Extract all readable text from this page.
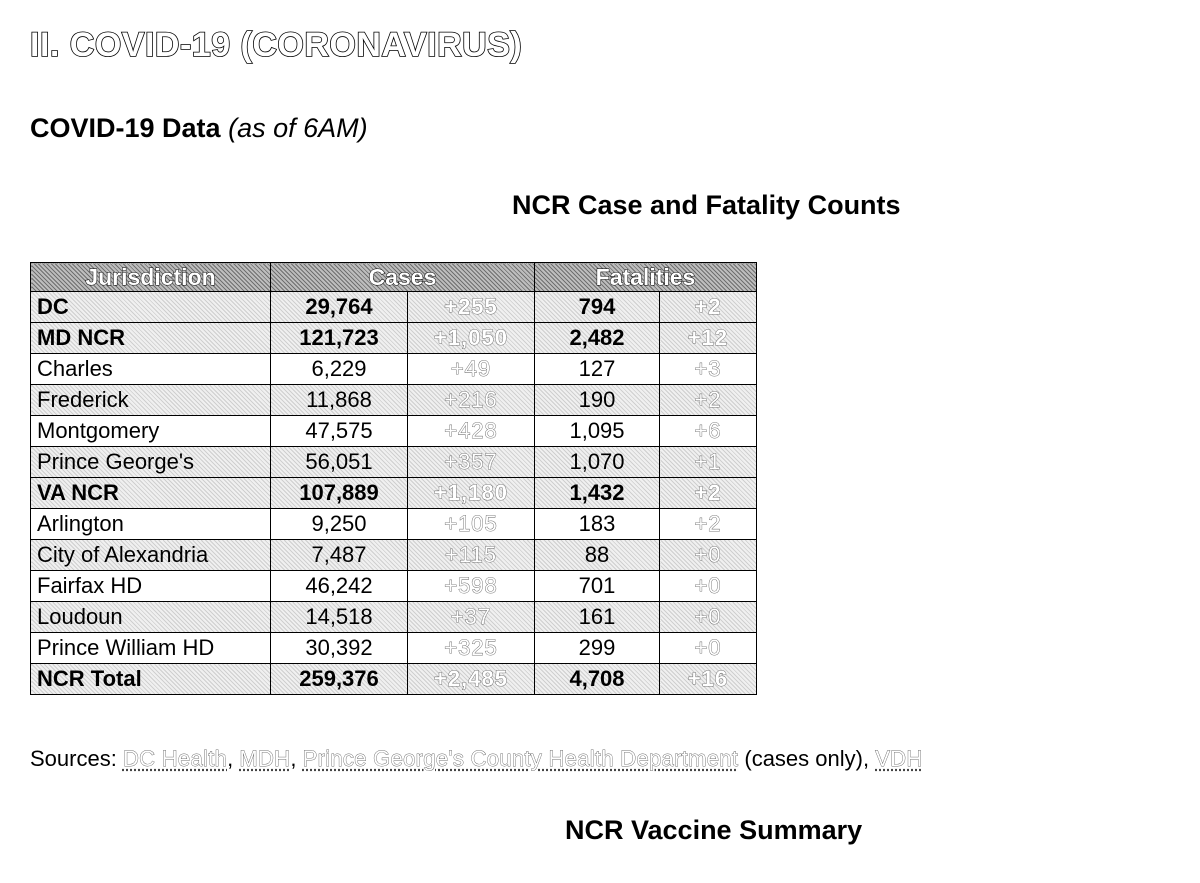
II. COVID-19 (CORONAVIRUS)
COVID-19 Data (as of 6AM)
NCR Case and Fatality Counts
Jurisdiction	Cases		Fatalities	
DC	29,764	+255	794	+2
MD NCR	121,723	+1,050	2,482	+12
Charles	6,229	+49	127	+3
Frederick	11,868	+216	190	+2
Montgomery	47,575	+428	1,095	+6
Prince George's	56,051	+357	1,070	+1
VA NCR	107,889	+1,180	1,432	+2
Arlington	9,250	+105	183	+2
City of Alexandria	7,487	+115	88	+0
Fairfax HD	46,242	+598	701	+0
Loudoun	14,518	+37	161	+0
Prince William HD	30,392	+325	299	+0
NCR Total	259,376	+2,485	4,708	+16

Sources: DC Health, MDH, Prince George's County Health Department (cases only), VDH

NCR Vaccine Summary
